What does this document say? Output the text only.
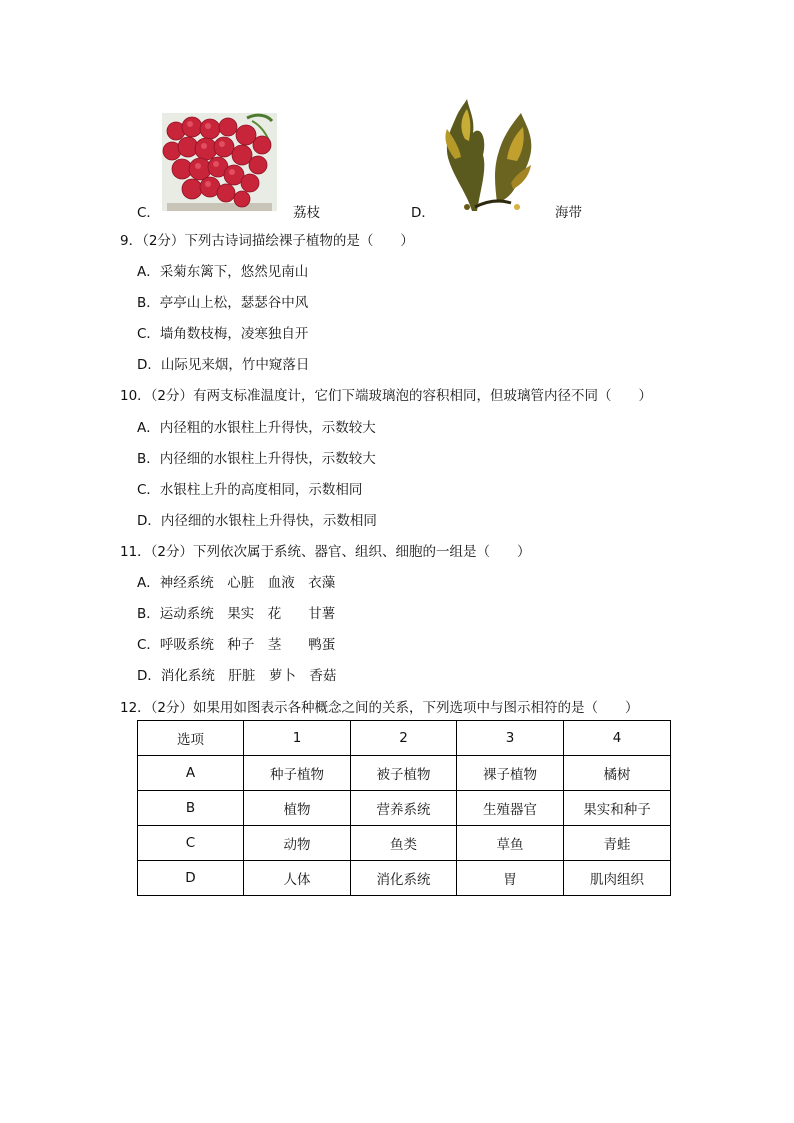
C．	荔枝	D．	海带
9．（2分）下列古诗词描绘裸子植物的是（　　）
A．采菊东篱下，悠然见南山
B．亭亭山上松，瑟瑟谷中风
C．墙角数枝梅，凌寒独自开
D．山际见来烟，竹中窥落日
10．（2分）有两支标准温度计，它们下端玻璃泡的容积相同，但玻璃管内径不同（　　）
A．内径粗的水银柱上升得快，示数较大
B．内径细的水银柱上升得快，示数较大
C．水银柱上升的高度相同，示数相同
D．内径细的水银柱上升得快，示数相同
11．（2分）下列依次属于系统、器官、组织、细胞的一组是（　　）
A．神经系统　心脏　血液　衣藻
B．运动系统　果实　花　　甘薯
C．呼吸系统　种子　茎　　鸭蛋
D．消化系统　肝脏　萝卜　香菇
12．（2分）如果用如图表示各种概念之间的关系，下列选项中与图示相符的是（　　）
选项	1	2	3	4
A	种子植物	被子植物	裸子植物	橘树
B	植物	营养系统	生殖器官	果实和种子
C	动物	鱼类	草鱼	青蛙
D	人体	消化系统	胃	肌肉组织
